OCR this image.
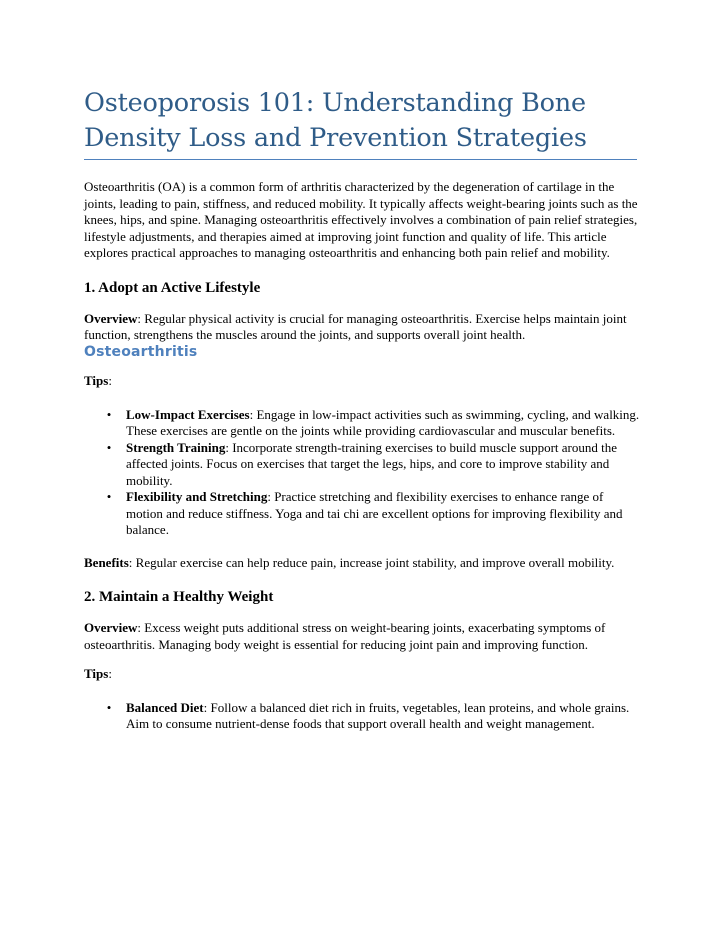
Osteoporosis 101: Understanding Bone Density Loss and Prevention Strategies

Osteoarthritis (OA) is a common form of arthritis characterized by the degeneration of cartilage in the joints, leading to pain, stiffness, and reduced mobility. It typically affects weight-bearing joints such as the knees, hips, and spine. Managing osteoarthritis effectively involves a combination of pain relief strategies, lifestyle adjustments, and therapies aimed at improving joint function and quality of life. This article explores practical approaches to managing osteoarthritis and enhancing both pain relief and mobility.

1. Adopt an Active Lifestyle

Overview: Regular physical activity is crucial for managing osteoarthritis. Exercise helps maintain joint function, strengthens the muscles around the joints, and supports overall joint health. Osteoarthritis

Tips:

• Low-Impact Exercises: Engage in low-impact activities such as swimming, cycling, and walking. These exercises are gentle on the joints while providing cardiovascular and muscular benefits.
• Strength Training: Incorporate strength-training exercises to build muscle support around the affected joints. Focus on exercises that target the legs, hips, and core to improve stability and mobility.
• Flexibility and Stretching: Practice stretching and flexibility exercises to enhance range of motion and reduce stiffness. Yoga and tai chi are excellent options for improving flexibility and balance.

Benefits: Regular exercise can help reduce pain, increase joint stability, and improve overall mobility.

2. Maintain a Healthy Weight

Overview: Excess weight puts additional stress on weight-bearing joints, exacerbating symptoms of osteoarthritis. Managing body weight is essential for reducing joint pain and improving function.

Tips:

• Balanced Diet: Follow a balanced diet rich in fruits, vegetables, lean proteins, and whole grains. Aim to consume nutrient-dense foods that support overall health and weight management.
